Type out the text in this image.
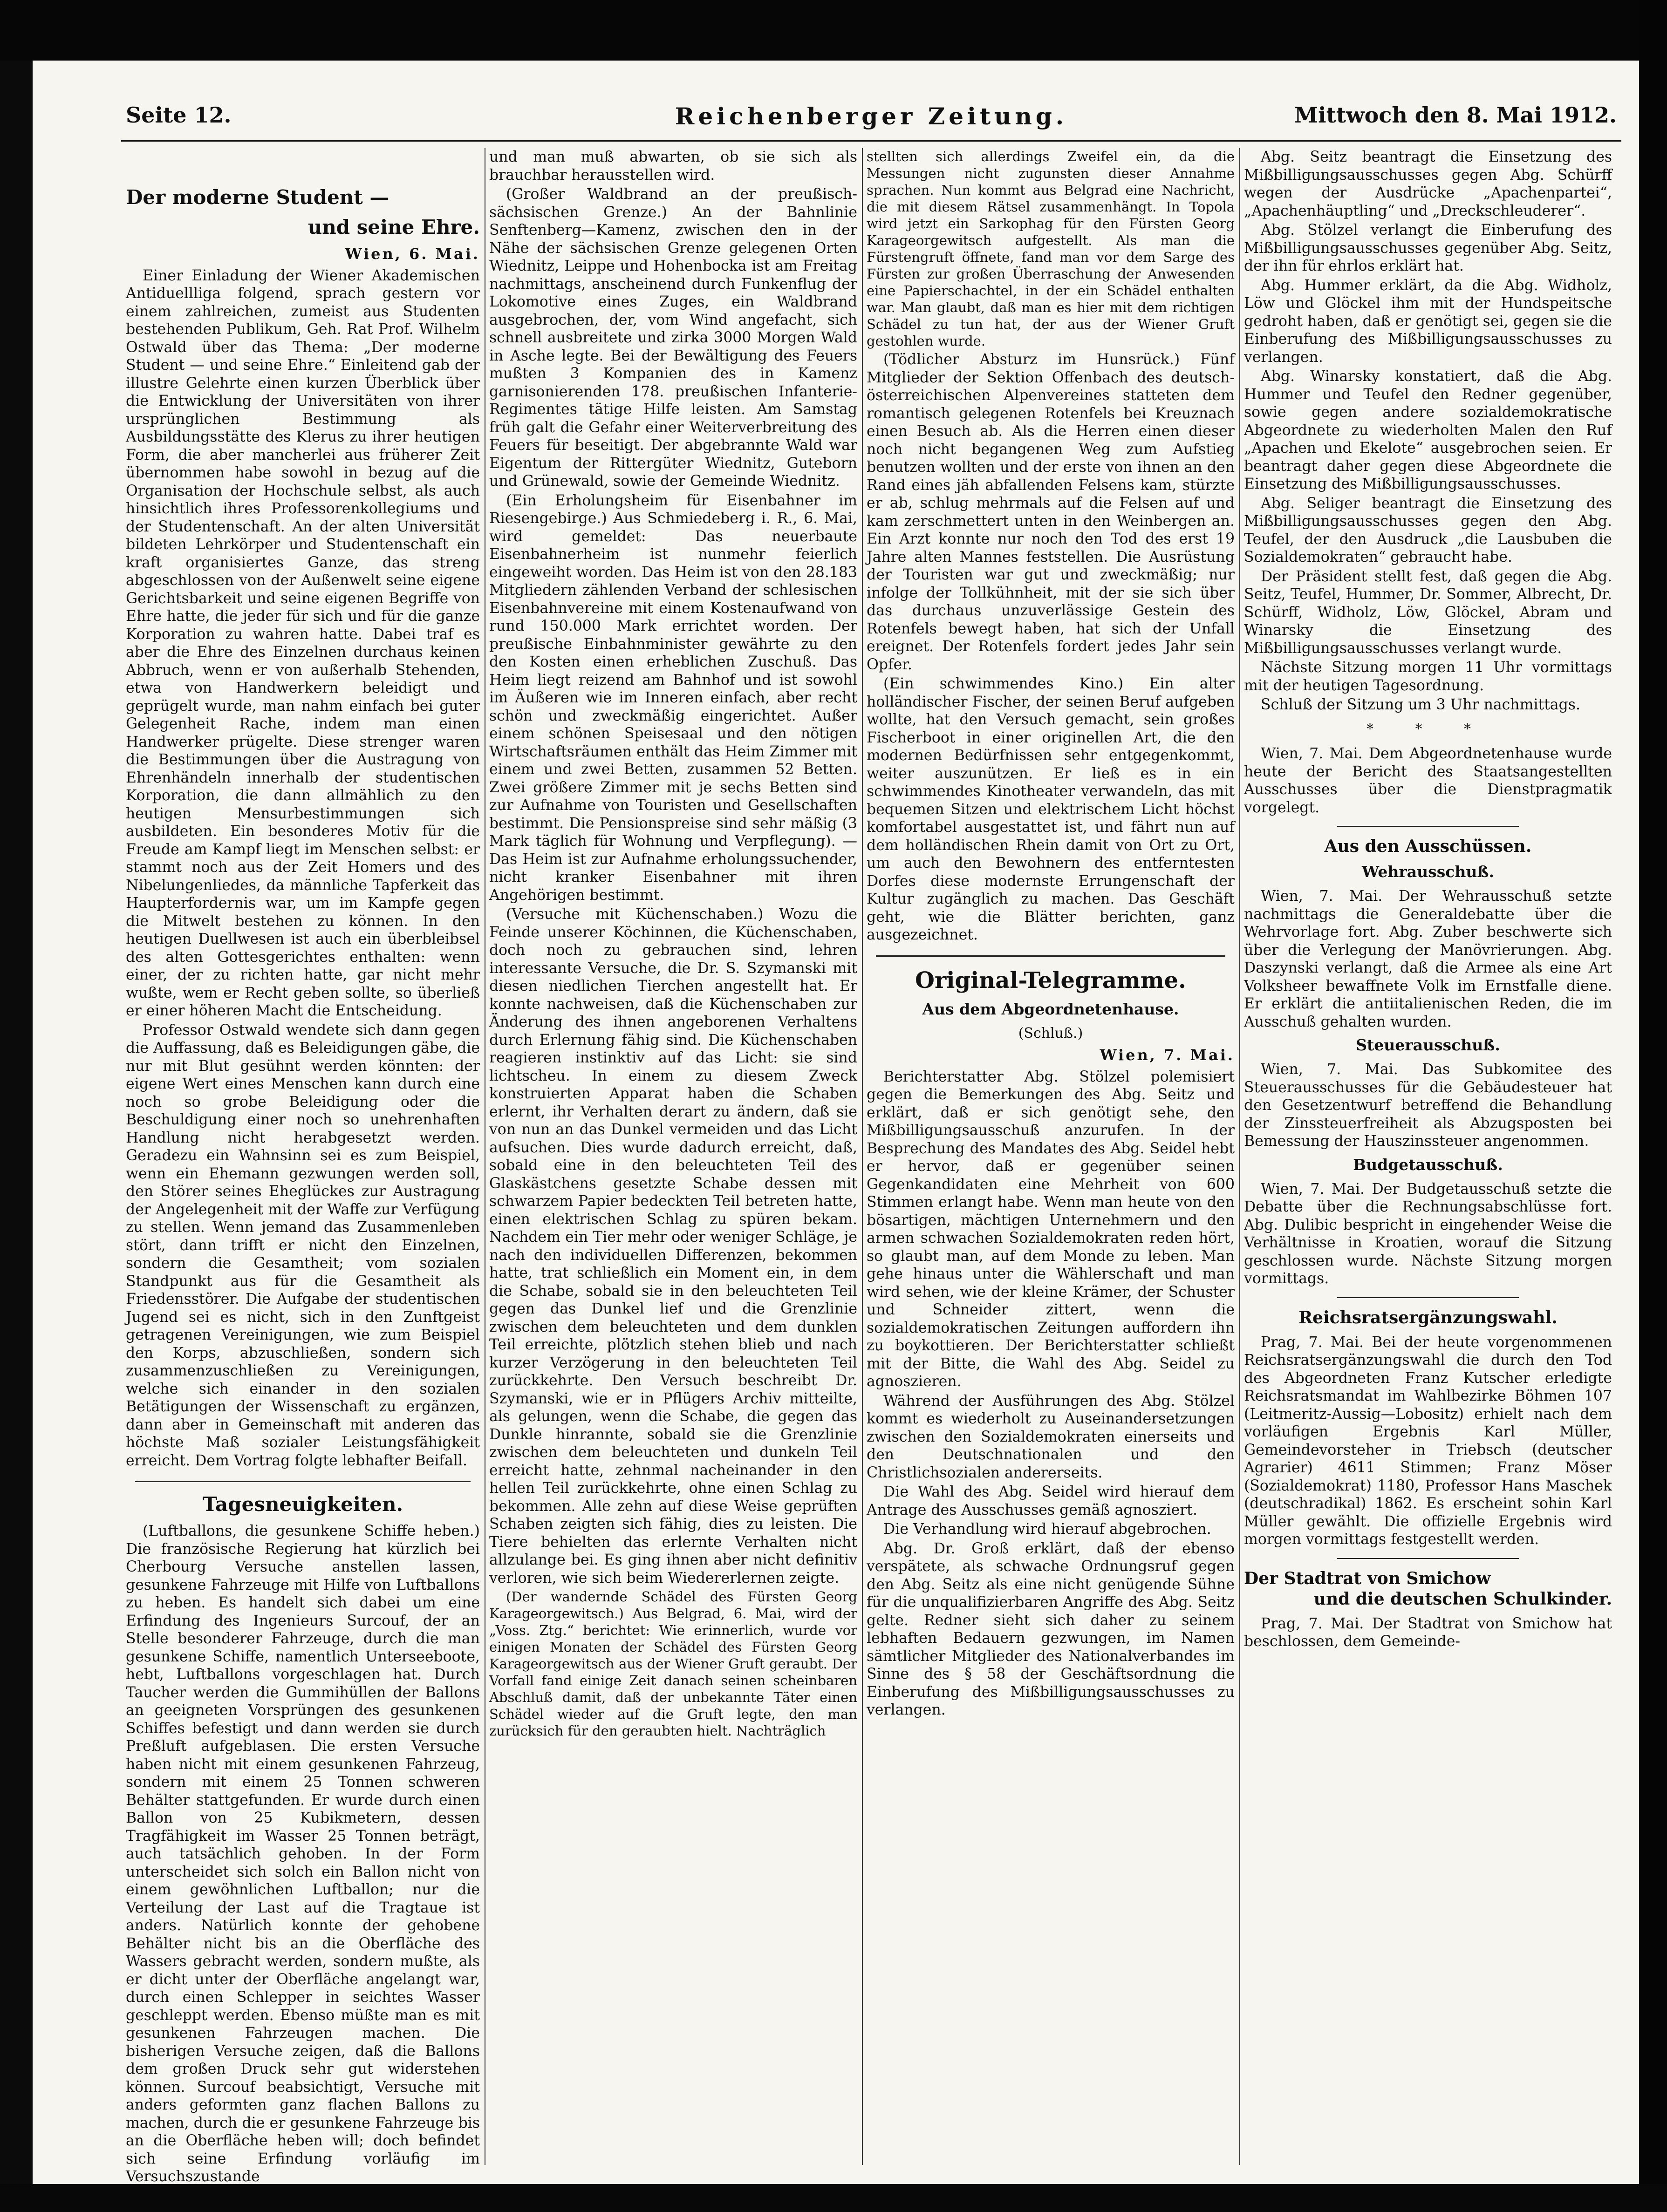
Seite 12.	Reichenberger Zeitung.	Mittwoch den 8. Mai 1912.
Der moderne Student —
und seine Ehre.
Wien, 6. Mai.

Einer Einladung der Wiener Akademischen Antiduellliga folgend, sprach gestern vor einem zahlreichen, zumeist aus Studenten bestehenden Publikum, Geh. Rat Prof. Wilhelm Ostwald über das Thema: „Der moderne Student — und seine Ehre.“ Einleitend gab der illustre Gelehrte einen kurzen Überblick über die Entwicklung der Universitäten von ihrer ursprünglichen Bestimmung als Ausbildungsstätte des Klerus zu ihrer heutigen Form, die aber mancherlei aus früherer Zeit übernommen habe sowohl in bezug auf die Organisation der Hochschule selbst, als auch hinsichtlich ihres Professorenkollegiums und der Studentenschaft. An der alten Universität bildeten Lehrkörper und Studentenschaft ein kraft organisiertes Ganze, das streng abgeschlossen von der Außenwelt seine eigene Gerichtsbarkeit und seine eigenen Begriffe von Ehre hatte, die jeder für sich und für die ganze Korporation zu wahren hatte. Dabei traf es aber die Ehre des Einzelnen durchaus keinen Abbruch, wenn er von außerhalb Stehenden, etwa von Handwerkern beleidigt und geprügelt wurde, man nahm einfach bei guter Gelegenheit Rache, indem man einen Handwerker prügelte. Diese strenger waren die Bestimmungen über die Austragung von Ehrenhändeln innerhalb der studentischen Korporation, die dann allmählich zu den heutigen Mensurbestimmungen sich ausbildeten. Ein besonderes Motiv für die Freude am Kampf liegt im Menschen selbst: er stammt noch aus der Zeit Homers und des Nibelungenliedes, da männliche Tapferkeit das Haupterfordernis war, um im Kampfe gegen die Mitwelt bestehen zu können. In den heutigen Duellwesen ist auch ein überbleibsel des alten Gottesgerichtes enthalten: wenn einer, der zu richten hatte, gar nicht mehr wußte, wem er Recht geben sollte, so überließ er einer höheren Macht die Entscheidung.

Professor Ostwald wendete sich dann gegen die Auffassung, daß es Beleidigungen gäbe, die nur mit Blut gesühnt werden könnten: der eigene Wert eines Menschen kann durch eine noch so grobe Beleidigung oder die Beschuldigung einer noch so unehrenhaften Handlung nicht herabgesetzt werden. Geradezu ein Wahnsinn sei es zum Beispiel, wenn ein Ehemann gezwungen werden soll, den Störer seines Eheglückes zur Austragung der Angelegenheit mit der Waffe zur Verfügung zu stellen. Wenn jemand das Zusammenleben stört, dann trifft er nicht den Einzelnen, sondern die Gesamtheit; vom sozialen Standpunkt aus für die Gesamtheit als Friedensstörer. Die Aufgabe der studentischen Jugend sei es nicht, sich in den Zunftgeist getragenen Vereinigungen, wie zum Beispiel den Korps, abzuschließen, sondern sich zusammenzuschließen zu Vereinigungen, welche sich einander in den sozialen Betätigungen der Wissenschaft zu ergänzen, dann aber in Gemeinschaft mit anderen das höchste Maß sozialer Leistungsfähigkeit erreicht. Dem Vortrag folgte lebhafter Beifall.

Tagesneuigkeiten.

(Luftballons, die gesunkene Schiffe heben.) Die französische Regierung hat kürzlich bei Cherbourg Versuche anstellen lassen, gesunkene Fahrzeuge mit Hilfe von Luftballons zu heben. Es handelt sich dabei um eine Erfindung des Ingenieurs Surcouf, der an Stelle besonderer Fahrzeuge, durch die man gesunkene Schiffe, namentlich Unterseeboote, hebt, Luftballons vorgeschlagen hat. Durch Taucher werden die Gummihüllen der Ballons an geeigneten Vorsprüngen des gesunkenen Schiffes befestigt und dann werden sie durch Preßluft aufgeblasen. Die ersten Versuche haben nicht mit einem gesunkenen Fahrzeug, sondern mit einem 25 Tonnen schweren Behälter stattgefunden. Er wurde durch einen Ballon von 25 Kubikmetern, dessen Tragfähigkeit im Wasser 25 Tonnen beträgt, auch tatsächlich gehoben. In der Form unterscheidet sich solch ein Ballon nicht von einem gewöhnlichen Luftballon; nur die Verteilung der Last auf die Tragtaue ist anders. Natürlich konnte der gehobene Behälter nicht bis an die Oberfläche des Wassers gebracht werden, sondern mußte, als er dicht unter der Oberfläche angelangt war, durch einen Schlepper in seichtes Wasser geschleppt werden. Ebenso müßte man es mit gesunkenen Fahrzeugen machen. Die bisherigen Versuche zeigen, daß die Ballons dem großen Druck sehr gut widerstehen können. Surcouf beabsichtigt, Versuche mit anders geformten ganz flachen Ballons zu machen, durch die er gesunkene Fahrzeuge bis an die Oberfläche heben will; doch befindet sich seine Erfindung vorläufig im Versuchszustande

und man muß abwarten, ob sie sich als brauchbar herausstellen wird.

(Großer Waldbrand an der preußisch-sächsischen Grenze.) An der Bahnlinie Senftenberg—Kamenz, zwischen den in der Nähe der sächsischen Grenze gelegenen Orten Wiednitz, Leippe und Hohenbocka ist am Freitag nachmittags, anscheinend durch Funkenflug der Lokomotive eines Zuges, ein Waldbrand ausgebrochen, der, vom Wind angefacht, sich schnell ausbreitete und zirka 3000 Morgen Wald in Asche legte. Bei der Bewältigung des Feuers mußten 3 Kompanien des in Kamenz garnisonierenden 178. preußischen Infanterie-Regimentes tätige Hilfe leisten. Am Samstag früh galt die Gefahr einer Weiterverbreitung des Feuers für beseitigt. Der abgebrannte Wald war Eigentum der Rittergüter Wiednitz, Guteborn und Grünewald, sowie der Gemeinde Wiednitz.

(Ein Erholungsheim für Eisenbahner im Riesengebirge.) Aus Schmiedeberg i. R., 6. Mai, wird gemeldet: Das neuerbaute Eisenbahnerheim ist nunmehr feierlich eingeweiht worden. Das Heim ist von den 28.183 Mitgliedern zählenden Verband der schlesischen Eisenbahnvereine mit einem Kostenaufwand von rund 150.000 Mark errichtet worden. Der preußische Einbahnminister gewährte zu den den Kosten einen erheblichen Zuschuß. Das Heim liegt reizend am Bahnhof und ist sowohl im Äußeren wie im Inneren einfach, aber recht schön und zweckmäßig eingerichtet. Außer einem schönen Speisesaal und den nötigen Wirtschaftsräumen enthält das Heim Zimmer mit einem und zwei Betten, zusammen 52 Betten. Zwei größere Zimmer mit je sechs Betten sind zur Aufnahme von Touristen und Gesellschaften bestimmt. Die Pensionspreise sind sehr mäßig (3 Mark täglich für Wohnung und Verpflegung). — Das Heim ist zur Aufnahme erholungssuchender, nicht kranker Eisenbahner mit ihren Angehörigen bestimmt.

(Versuche mit Küchenschaben.) Wozu die Feinde unserer Köchinnen, die Küchenschaben, doch noch zu gebrauchen sind, lehren interessante Versuche, die Dr. S. Szymanski mit diesen niedlichen Tierchen angestellt hat. Er konnte nachweisen, daß die Küchenschaben zur Änderung des ihnen angeborenen Verhaltens durch Erlernung fähig sind. Die Küchenschaben reagieren instinktiv auf das Licht: sie sind lichtscheu. In einem zu diesem Zweck konstruierten Apparat haben die Schaben erlernt, ihr Verhalten derart zu ändern, daß sie von nun an das Dunkel vermeiden und das Licht aufsuchen. Dies wurde dadurch erreicht, daß, sobald eine in den beleuchteten Teil des Glaskästchens gesetzte Schabe dessen mit schwarzem Papier bedeckten Teil betreten hatte, einen elektrischen Schlag zu spüren bekam. Nachdem ein Tier mehr oder weniger Schläge, je nach den individuellen Differenzen, bekommen hatte, trat schließlich ein Moment ein, in dem die Schabe, sobald sie in den beleuchteten Teil gegen das Dunkel lief und die Grenzlinie zwischen dem beleuchteten und dem dunklen Teil erreichte, plötzlich stehen blieb und nach kurzer Verzögerung in den beleuchteten Teil zurückkehrte. Den Versuch beschreibt Dr. Szymanski, wie er in Pflügers Archiv mitteilte, als gelungen, wenn die Schabe, die gegen das Dunkle hinrannte, sobald sie die Grenzlinie zwischen dem beleuchteten und dunkeln Teil erreicht hatte, zehnmal nacheinander in den hellen Teil zurückkehrte, ohne einen Schlag zu bekommen. Alle zehn auf diese Weise geprüften Schaben zeigten sich fähig, dies zu leisten. Die Tiere behielten das erlernte Verhalten nicht allzulange bei. Es ging ihnen aber nicht definitiv verloren, wie sich beim Wiedererlernen zeigte.

(Der wandernde Schädel des Fürsten Georg Karageorgewitsch.) Aus Belgrad, 6. Mai, wird der „Voss. Ztg.“ berichtet: Wie erinnerlich, wurde vor einigen Monaten der Schädel des Fürsten Georg Karageorgewitsch aus der Wiener Gruft geraubt. Der Vorfall fand einige Zeit danach seinen scheinbaren Abschluß damit, daß der unbekannte Täter einen Schädel wieder auf die Gruft legte, den man zurücksich für den geraubten hielt. Nachträglich

stellten sich allerdings Zweifel ein, da die Messungen nicht zugunsten dieser Annahme sprachen. Nun kommt aus Belgrad eine Nachricht, die mit diesem Rätsel zusammenhängt. In Topola wird jetzt ein Sarkophag für den Fürsten Georg Karageorgewitsch aufgestellt. Als man die Fürstengruft öffnete, fand man vor dem Sarge des Fürsten zur großen Überraschung der Anwesenden eine Papierschachtel, in der ein Schädel enthalten war. Man glaubt, daß man es hier mit dem richtigen Schädel zu tun hat, der aus der Wiener Gruft gestohlen wurde.

(Tödlicher Absturz im Hunsrück.) Fünf Mitglieder der Sektion Offenbach des deutsch-österreichischen Alpenvereines statteten dem romantisch gelegenen Rotenfels bei Kreuznach einen Besuch ab. Als die Herren einen dieser noch nicht begangenen Weg zum Aufstieg benutzen wollten und der erste von ihnen an den Rand eines jäh abfallenden Felsens kam, stürzte er ab, schlug mehrmals auf die Felsen auf und kam zerschmettert unten in den Weinbergen an. Ein Arzt konnte nur noch den Tod des erst 19 Jahre alten Mannes feststellen. Die Ausrüstung der Touristen war gut und zweckmäßig; nur infolge der Tollkühnheit, mit der sie sich über das durchaus unzuverlässige Gestein des Rotenfels bewegt haben, hat sich der Unfall ereignet. Der Rotenfels fordert jedes Jahr sein Opfer.

(Ein schwimmendes Kino.) Ein alter holländischer Fischer, der seinen Beruf aufgeben wollte, hat den Versuch gemacht, sein großes Fischerboot in einer originellen Art, die den modernen Bedürfnissen sehr entgegenkommt, weiter auszunützen. Er ließ es in ein schwimmendes Kinotheater verwandeln, das mit bequemen Sitzen und elektrischem Licht höchst komfortabel ausgestattet ist, und fährt nun auf dem holländischen Rhein damit von Ort zu Ort, um auch den Bewohnern des entferntesten Dorfes diese modernste Errungenschaft der Kultur zugänglich zu machen. Das Geschäft geht, wie die Blätter berichten, ganz ausgezeichnet.

Original-Telegramme.
Aus dem Abgeordnetenhause.
(Schluß.)
Wien, 7. Mai.

Berichterstatter Abg. Stölzel polemisiert gegen die Bemerkungen des Abg. Seitz und erklärt, daß er sich genötigt sehe, den Mißbilligungsausschuß anzurufen. In der Besprechung des Mandates des Abg. Seidel hebt er hervor, daß er gegenüber seinen Gegenkandidaten eine Mehrheit von 600 Stimmen erlangt habe. Wenn man heute von den bösartigen, mächtigen Unternehmern und den armen schwachen Sozialdemokraten reden hört, so glaubt man, auf dem Monde zu leben. Man gehe hinaus unter die Wählerschaft und man wird sehen, wie der kleine Krämer, der Schuster und Schneider zittert, wenn die sozialdemokratischen Zeitungen auffordern ihn zu boykottieren. Der Berichterstatter schließt mit der Bitte, die Wahl des Abg. Seidel zu agnoszieren.

Während der Ausführungen des Abg. Stölzel kommt es wiederholt zu Auseinandersetzungen zwischen den Sozialdemokraten einerseits und den Deutschnationalen und den Christlichsozialen andererseits.

Die Wahl des Abg. Seidel wird hierauf dem Antrage des Ausschusses gemäß agnosziert.

Die Verhandlung wird hierauf abgebrochen.

Abg. Dr. Groß erklärt, daß der ebenso verspätete, als schwache Ordnungsruf gegen den Abg. Seitz als eine nicht genügende Sühne für die unqualifizierbaren Angriffe des Abg. Seitz gelte. Redner sieht sich daher zu seinem lebhaften Bedauern gezwungen, im Namen sämtlicher Mitglieder des Nationalverbandes im Sinne des § 58 der Geschäftsordnung die Einberufung des Mißbilligungsausschusses zu verlangen.

Abg. Seitz beantragt die Einsetzung des Mißbilligungsausschusses gegen Abg. Schürff wegen der Ausdrücke „Apachenpartei“, „Apachenhäuptling“ und „Dreckschleuderer“.

Abg. Stölzel verlangt die Einberufung des Mißbilligungsausschusses gegenüber Abg. Seitz, der ihn für ehrlos erklärt hat.

Abg. Hummer erklärt, da die Abg. Widholz, Löw und Glöckel ihm mit der Hundspeitsche gedroht haben, daß er genötigt sei, gegen sie die Einberufung des Mißbilligungsausschusses zu verlangen.

Abg. Winarsky konstatiert, daß die Abg. Hummer und Teufel den Redner gegenüber, sowie gegen andere sozialdemokratische Abgeordnete zu wiederholten Malen den Ruf „Apachen und Ekelote“ ausgebrochen seien. Er beantragt daher gegen diese Abgeordnete die Einsetzung des Mißbilligungsausschusses.

Abg. Seliger beantragt die Einsetzung des Mißbilligungsausschusses gegen den Abg. Teufel, der den Ausdruck „die Lausbuben die Sozialdemokraten“ gebraucht habe.

Der Präsident stellt fest, daß gegen die Abg. Seitz, Teufel, Hummer, Dr. Sommer, Albrecht, Dr. Schürff, Widholz, Löw, Glöckel, Abram und Winarsky die Einsetzung des Mißbilligungsausschusses verlangt wurde.

Nächste Sitzung morgen 11 Uhr vormittags mit der heutigen Tagesordnung.

Schluß der Sitzung um 3 Uhr nachmittags.

* * *

Wien, 7. Mai. Dem Abgeordnetenhause wurde heute der Bericht des Staatsangestellten Ausschusses über die Dienstpragmatik vorgelegt.

Aus den Ausschüssen.
Wehrausschuß.

Wien, 7. Mai. Der Wehrausschuß setzte nachmittags die Generaldebatte über die Wehrvorlage fort. Abg. Zuber beschwerte sich über die Verlegung der Manövrierungen. Abg. Daszynski verlangt, daß die Armee als eine Art Volksheer bewaffnete Volk im Ernstfalle diene. Er erklärt die antiitalienischen Reden, die im Ausschuß gehalten wurden.

Steuerausschuß.

Wien, 7. Mai. Das Subkomitee des Steuerausschusses für die Gebäudesteuer hat den Gesetzentwurf betreffend die Behandlung der Zinssteuerfreiheit als Abzugsposten bei Bemessung der Hauszinssteuer angenommen.

Budgetausschuß.

Wien, 7. Mai. Der Budgetausschuß setzte die Debatte über die Rechnungsabschlüsse fort. Abg. Dulibic bespricht in eingehender Weise die Verhältnisse in Kroatien, worauf die Sitzung geschlossen wurde. Nächste Sitzung morgen vormittags.

Reichsratsergänzungswahl.

Prag, 7. Mai. Bei der heute vorgenommenen Reichsratsergänzungswahl die durch den Tod des Abgeordneten Franz Kutscher erledigte Reichsratsmandat im Wahlbezirke Böhmen 107 (Leitmeritz-Aussig—Lobositz) erhielt nach dem vorläufigen Ergebnis Karl Müller, Gemeindevorsteher in Triebsch (deutscher Agrarier) 4611 Stimmen; Franz Möser (Sozialdemokrat) 1180, Professor Hans Maschek (deutschradikal) 1862. Es erscheint sohin Karl Müller gewählt. Die offizielle Ergebnis wird morgen vormittags festgestellt werden.

Der Stadtrat von Smichow
und die deutschen Schulkinder.

Prag, 7. Mai. Der Stadtrat von Smichow hat beschlossen, dem Gemeinde-
